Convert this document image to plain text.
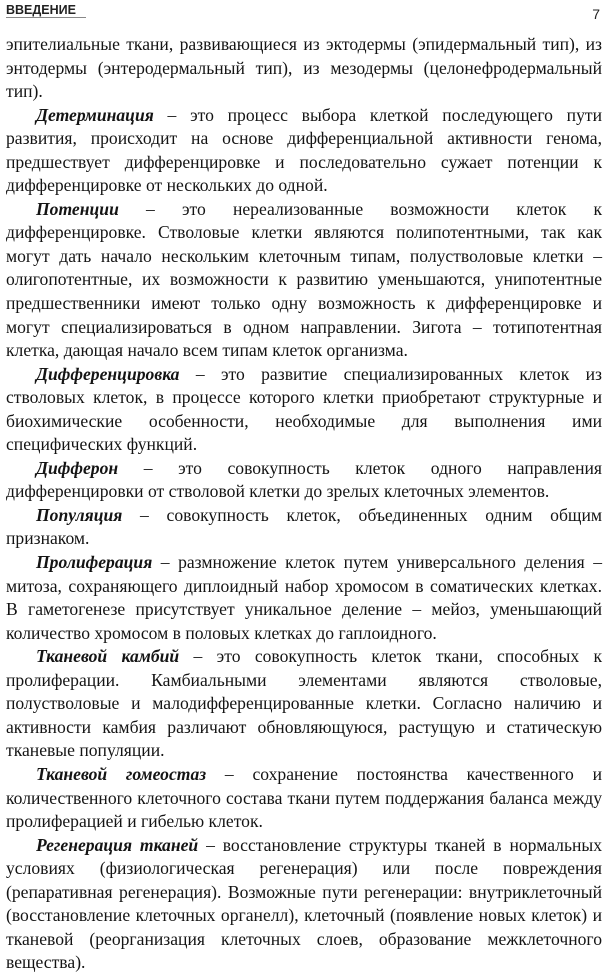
ВВЕДЕНИЕ	7

эпителиальные ткани, развивающиеся из эктодермы (эпидермальный тип), из энтодермы (энтеродермальный тип), из мезодермы (целонефродермальный тип).

Детерминация – это процесс выбора клеткой последующего пути развития, происходит на основе дифференциальной активности генома, предшествует дифференцировке и последовательно сужает потенции к дифференцировке от нескольких до одной.

Потенции – это нереализованные возможности клеток к дифференцировке. Стволовые клетки являются полипотентными, так как могут дать начало нескольким клеточным типам, полустволовые клетки – олигопотентные, их возможности к развитию уменьшаются, унипотентные предшественники имеют только одну возможность к дифференцировке и могут специализироваться в одном направлении. Зигота – тотипотентная клетка, дающая начало всем типам клеток организма.

Дифференцировка – это развитие специализированных клеток из стволовых клеток, в процессе которого клетки приобретают структурные и биохимические особенности, необходимые для выполнения ими специфических функций.

Дифферон – это совокупность клеток одного направления дифференцировки от стволовой клетки до зрелых клеточных элементов.

Популяция – совокупность клеток, объединенных одним общим признаком.

Пролиферация – размножение клеток путем универсального деления – митоза, сохраняющего диплоидный набор хромосом в соматических клетках. В гаметогенезе присутствует уникальное деление – мейоз, уменьшающий количество хромосом в половых клетках до гаплоидного.

Тканевой камбий – это совокупность клеток ткани, способных к пролиферации. Камбиальными элементами являются стволовые, полустволовые и малодифференцированные клетки. Согласно наличию и активности камбия различают обновляющуюся, растущую и статическую тканевые популяции.

Тканевой гомеостаз – сохранение постоянства качественного и количественного клеточного состава ткани путем поддержания баланса между пролиферацией и гибелью клеток.

Регенерация тканей – восстановление структуры тканей в нормальных условиях (физиологическая регенерация) или после повреждения (репаративная регенерация). Возможные пути регенерации: внутриклеточный (восстановление клеточных органелл), клеточный (появление новых клеток) и тканевой (реорганизация клеточных слоев, образование межклеточного вещества).
